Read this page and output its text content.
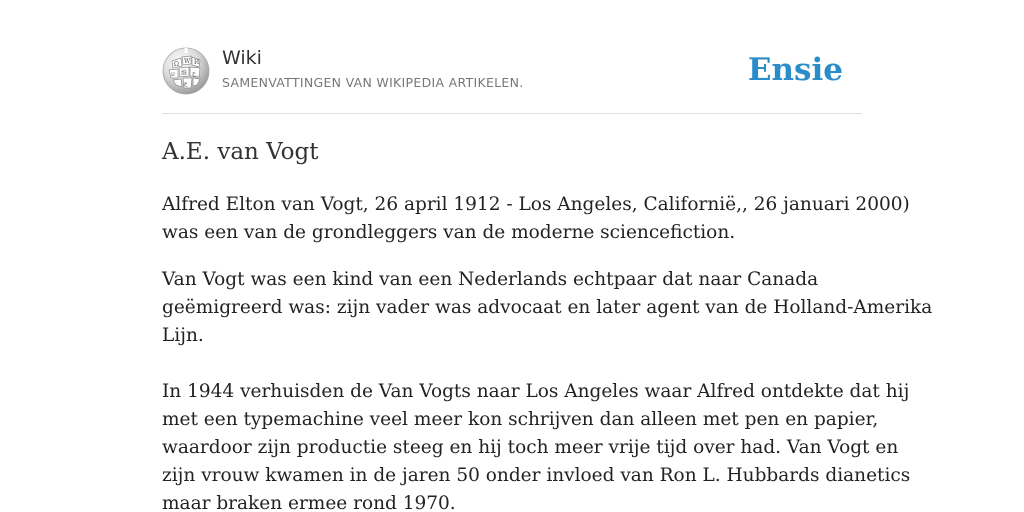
Ω W И
ש 維 ح
ع
Wiki
SAMENVATTINGEN VAN WIKIPEDIA ARTIKELEN.	Ensie
A.E. van Vogt

Alfred Elton van Vogt, 26 april 1912 - Los Angeles, Californië,, 26 januari 2000)
was een van de grondleggers van de moderne sciencefiction.

Van Vogt was een kind van een Nederlands echtpaar dat naar Canada
geëmigreerd was: zijn vader was advocaat en later agent van de Holland-Amerika
Lijn.

In 1944 verhuisden de Van Vogts naar Los Angeles waar Alfred ontdekte dat hij
met een typemachine veel meer kon schrijven dan alleen met pen en papier,
waardoor zijn productie steeg en hij toch meer vrije tijd over had. Van Vogt en
zijn vrouw kwamen in de jaren 50 onder invloed van Ron L. Hubbards dianetics
maar braken ermee rond 1970.
